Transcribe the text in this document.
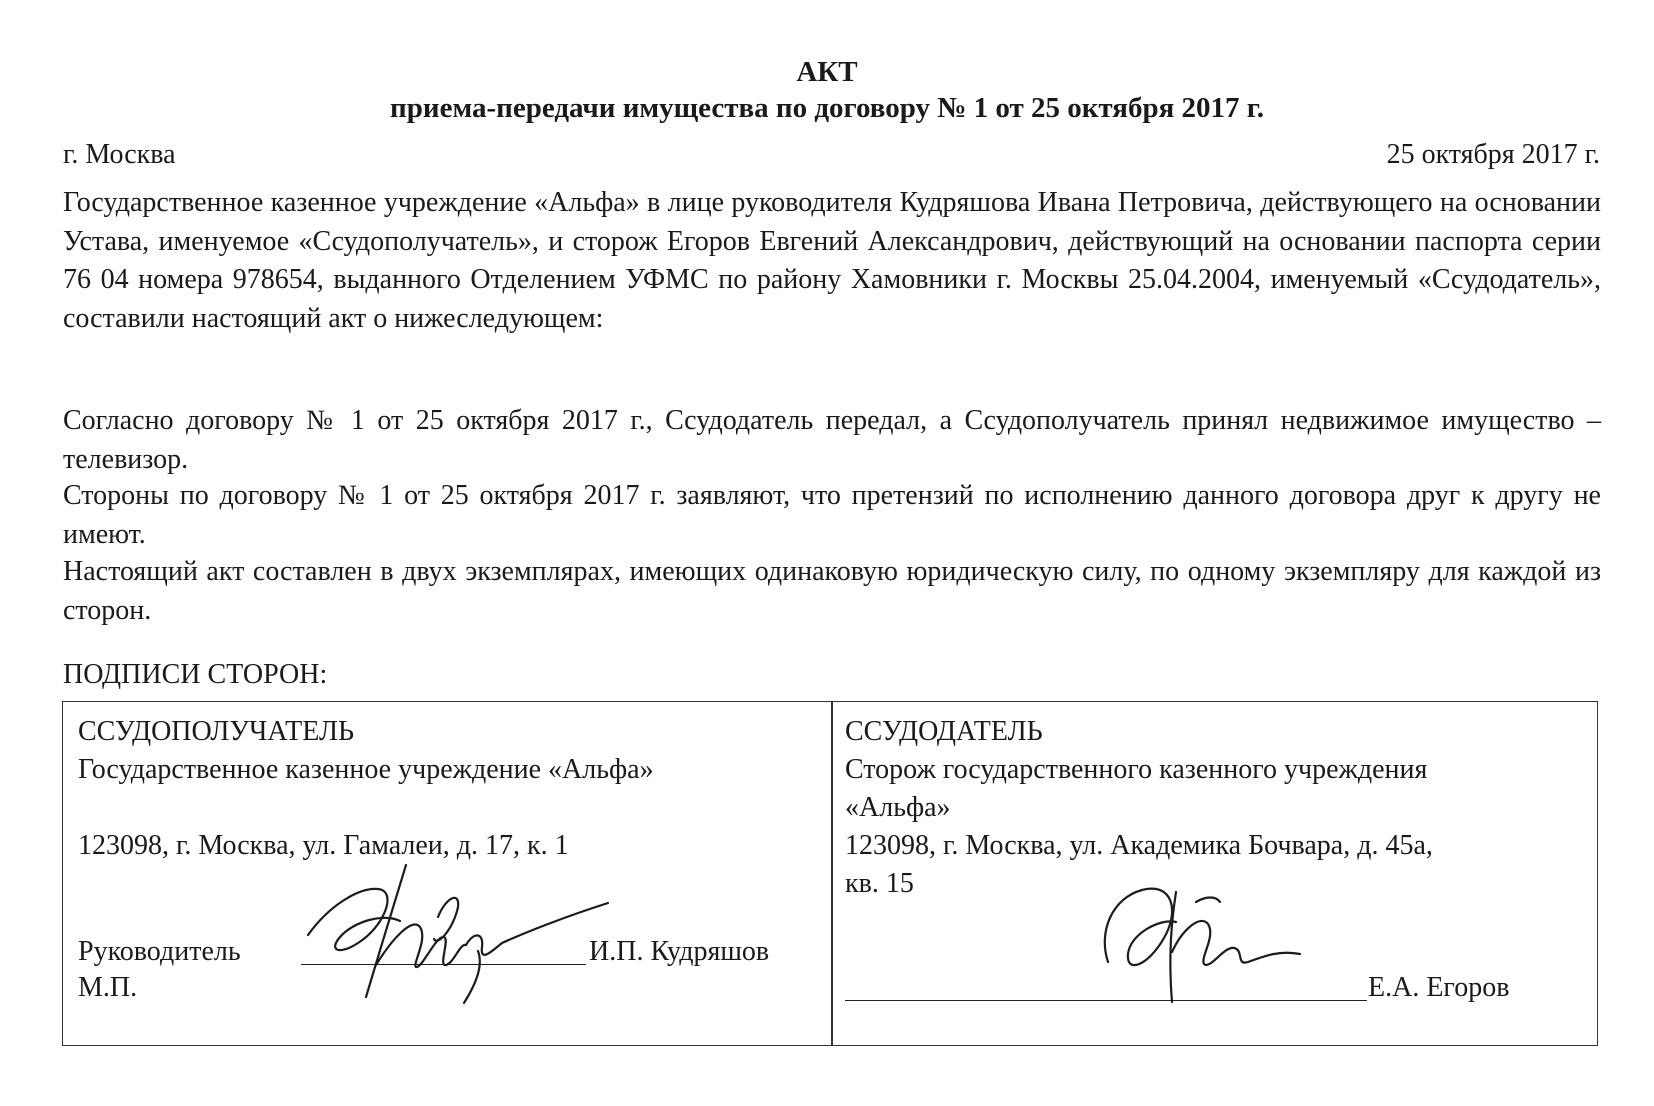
АКТ
приема-передачи имущества по договору № 1 от 25 октября 2017 г.
г. Москва	25 октября 2017 г.
Государственное казенное учреждение «Альфа» в лице руководителя Кудряшова Ивана Петровича, действующего на основании Устава, именуемое «Ссудополучатель», и сторож Егоров Евгений Александрович, действующий на основании паспорта серии 76 04 номера 978654, выданного Отделением УФМС по району Хамовники г. Москвы 25.04.2004, именуемый «Ссудодатель», составили настоящий акт о нижеследующем:
Согласно договору № 1 от 25 октября 2017 г., Ссудодатель передал, а Ссудополучатель принял недвижимое имущество – телевизор.
Стороны по договору № 1 от 25 октября 2017 г. заявляют, что претензий по исполнению данного договора друг к другу не имеют.
Настоящий акт составлен в двух экземплярах, имеющих одинаковую юридическую силу, по одному экземпляру для каждой из сторон.
ПОДПИСИ СТОРОН:
ССУДОПОЛУЧАТЕЛЬ
Государственное казенное учреждение «Альфа»
123098, г. Москва, ул. Гамалеи, д. 17, к. 1
Руководитель	И.П. Кудряшов
М.П.
ССУДОДАТЕЛЬ
Сторож государственного казенного учреждения
«Альфа»
123098, г. Москва, ул. Академика Бочвара, д. 45а,
кв. 15
Е.А. Егоров
